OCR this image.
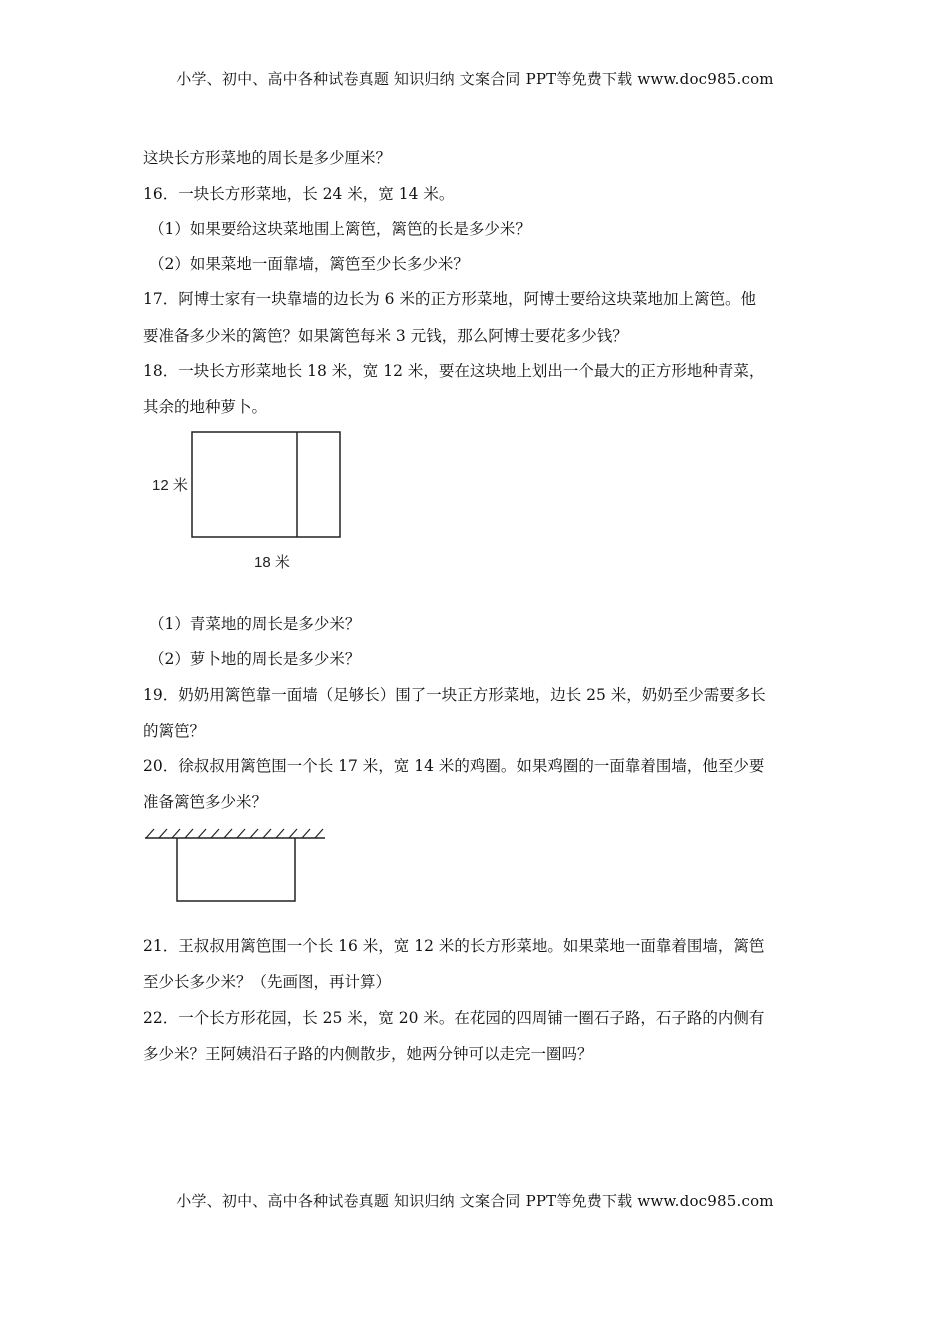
小学、初中、高中各种试卷真题 知识归纳 文案合同 PPT等免费下载 www.doc985.com
这块长方形菜地的周长是多少厘米？
16．一块长方形菜地，长 24 米，宽 14 米。
（1）如果要给这块菜地围上篱笆，篱笆的长是多少米？
（2）如果菜地一面靠墙，篱笆至少长多少米？
17．阿博士家有一块靠墙的边长为 6 米的正方形菜地，阿博士要给这块菜地加上篱笆。他
要准备多少米的篱笆？如果篱笆每米 3 元钱，那么阿博士要花多少钱？
18．一块长方形菜地长 18 米，宽 12 米，要在这块地上划出一个最大的正方形地种青菜，
其余的地种萝卜。
（1）青菜地的周长是多少米？
（2）萝卜地的周长是多少米？
19．奶奶用篱笆靠一面墙（足够长）围了一块正方形菜地，边长 25 米，奶奶至少需要多长
的篱笆？
20．徐叔叔用篱笆围一个长 17 米，宽 14 米的鸡圈。如果鸡圈的一面靠着围墙，他至少要
准备篱笆多少米？
21．王叔叔用篱笆围一个长 16 米，宽 12 米的长方形菜地。如果菜地一面靠着围墙，篱笆
至少长多少米？（先画图，再计算）
22．一个长方形花园，长 25 米，宽 20 米。在花园的四周铺一圈石子路，石子路的内侧有
多少米？王阿姨沿石子路的内侧散步，她两分钟可以走完一圈吗？
12 米
18 米
小学、初中、高中各种试卷真题 知识归纳 文案合同 PPT等免费下载 www.doc985.com
